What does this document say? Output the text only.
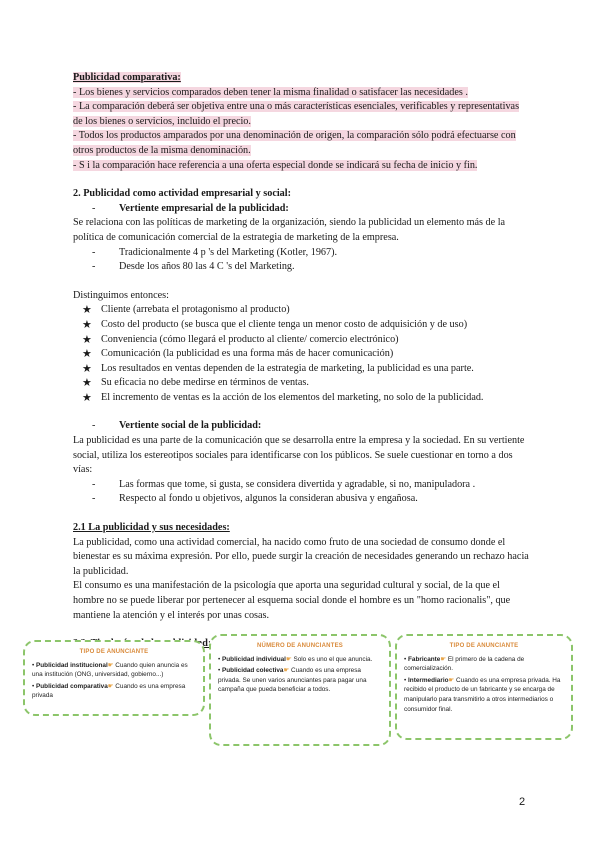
Publicidad comparativa:
- Los bienes y servicios comparados deben tener la misma finalidad o satisfacer las necesidades .
- La comparación deberá ser objetiva entre una o más características esenciales, verificables y representativas de los bienes o servicios, incluido el precio.
- Todos los productos amparados por una denominación de origen, la comparación sólo podrá efectuarse con otros productos de la misma denominación.
- S i la comparación hace referencia a una oferta especial donde se indicará su fecha de inicio y fin.
2. Publicidad como actividad empresarial y social:
- Vertiente empresarial de la publicidad:
Se relaciona con las políticas de marketing de la organización, siendo la publicidad un elemento más de la política de comunicación comercial de la estrategia de marketing de la empresa.
- Tradicionalmente 4 p 's del Marketing (Kotler, 1967).
- Desde los años 80 las 4 C 's del Marketing.
Distinguimos entonces:
★ Cliente (arrebata el protagonismo al producto)
★ Costo del producto (se busca que el cliente tenga un menor costo de adquisición y de uso)
★ Conveniencia (cómo llegará el producto al cliente/ comercio electrónico)
★ Comunicación (la publicidad es una forma más de hacer comunicación)
★ Los resultados en ventas dependen de la estrategia de marketing, la publicidad es una parte.
★ Su eficacia no debe medirse en términos de ventas.
★ El incremento de ventas es la acción de los elementos del marketing, no solo de la publicidad.
- Vertiente social de la publicidad:
La publicidad es una parte de la comunicación que se desarrolla entre la empresa y la sociedad. En su vertiente social, utiliza los estereotipos sociales para identificarse con los públicos. Se suele cuestionar en torno a dos vías:
- Las formas que tome, si gusta, se considera divertida y agradable, si no, manipuladora .
- Respecto al fondo u objetivos, algunos la consideran abusiva y engañosa.
2.1 La publicidad y sus necesidades:
La publicidad, como una actividad comercial, ha nacido como fruto de una sociedad de consumo donde el bienestar es su máxima expresión. Por ello, puede surgir la creación de necesidades generando un rechazo hacia la publicidad.
El consumo es una manifestación de la psicología que aporta una seguridad cultural y social, de la que el hombre no se puede liberar por pertenecer al esquema social donde el hombre es un "homo racionalis", que mantiene la atención y el interés por unas cosas.
TIPO DE ANUNCIANTE
• Publicidad institucional☛ Cuando quien anuncia es una institución (ONG, universidad, gobierno...)
• Publicidad comparativa☛ Cuando es una empresa privada
NÚMERO DE ANUNCIANTES
• Publicidad individual☛ Solo es uno el que anuncia.
• Publicidad colectiva☛ Cuando es una empresa privada. Se unen varios anunciantes para pagar una campaña que pueda beneficiar a todos.
TIPO DE ANUNCIANTE
• Fabricante☛ El primero de la cadena de comercialización.
• Intermediario☛ Cuando es una empresa privada. Ha recibido el producto de un fabricante y se encarga de manipularlo para transmitirlo a otros intermediarios o consumidor final.
2
